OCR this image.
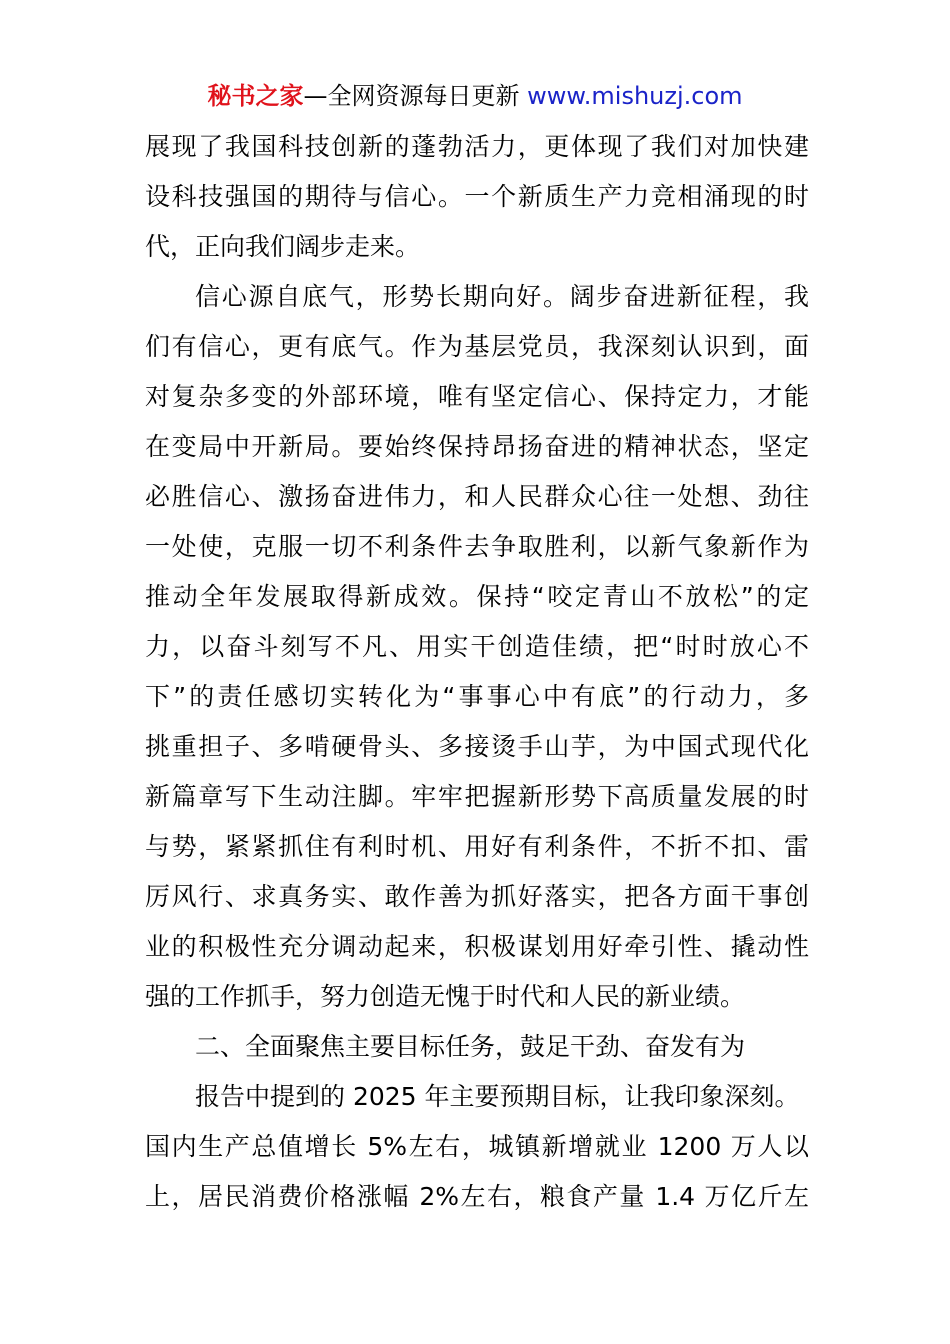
秘书之家—全网资源每日更新 www.mishuzj.com
展现了我国科技创新的蓬勃活力，更体现了我们对加快建
设科技强国的期待与信心。一个新质生产力竞相涌现的时
代，正向我们阔步走来。
信心源自底气，形势长期向好。阔步奋进新征程，我
们有信心，更有底气。作为基层党员，我深刻认识到，面
对复杂多变的外部环境，唯有坚定信心、保持定力，才能
在变局中开新局。要始终保持昂扬奋进的精神状态，坚定
必胜信心、激扬奋进伟力，和人民群众心往一处想、劲往
一处使，克服一切不利条件去争取胜利，以新气象新作为
推动全年发展取得新成效。保持“咬定青山不放松”的定
力，以奋斗刻写不凡、用实干创造佳绩，把“时时放心不
下”的责任感切实转化为“事事心中有底”的行动力，多
挑重担子、多啃硬骨头、多接烫手山芋，为中国式现代化
新篇章写下生动注脚。牢牢把握新形势下高质量发展的时
与势，紧紧抓住有利时机、用好有利条件，不折不扣、雷
厉风行、求真务实、敢作善为抓好落实，把各方面干事创
业的积极性充分调动起来，积极谋划用好牵引性、撬动性
强的工作抓手，努力创造无愧于时代和人民的新业绩。
二、全面聚焦主要目标任务，鼓足干劲、奋发有为
报告中提到的 2025 年主要预期目标，让我印象深刻。
国内生产总值增长 5%左右，城镇新增就业 1200 万人以
上，居民消费价格涨幅 2%左右，粮食产量 1.4 万亿斤左
